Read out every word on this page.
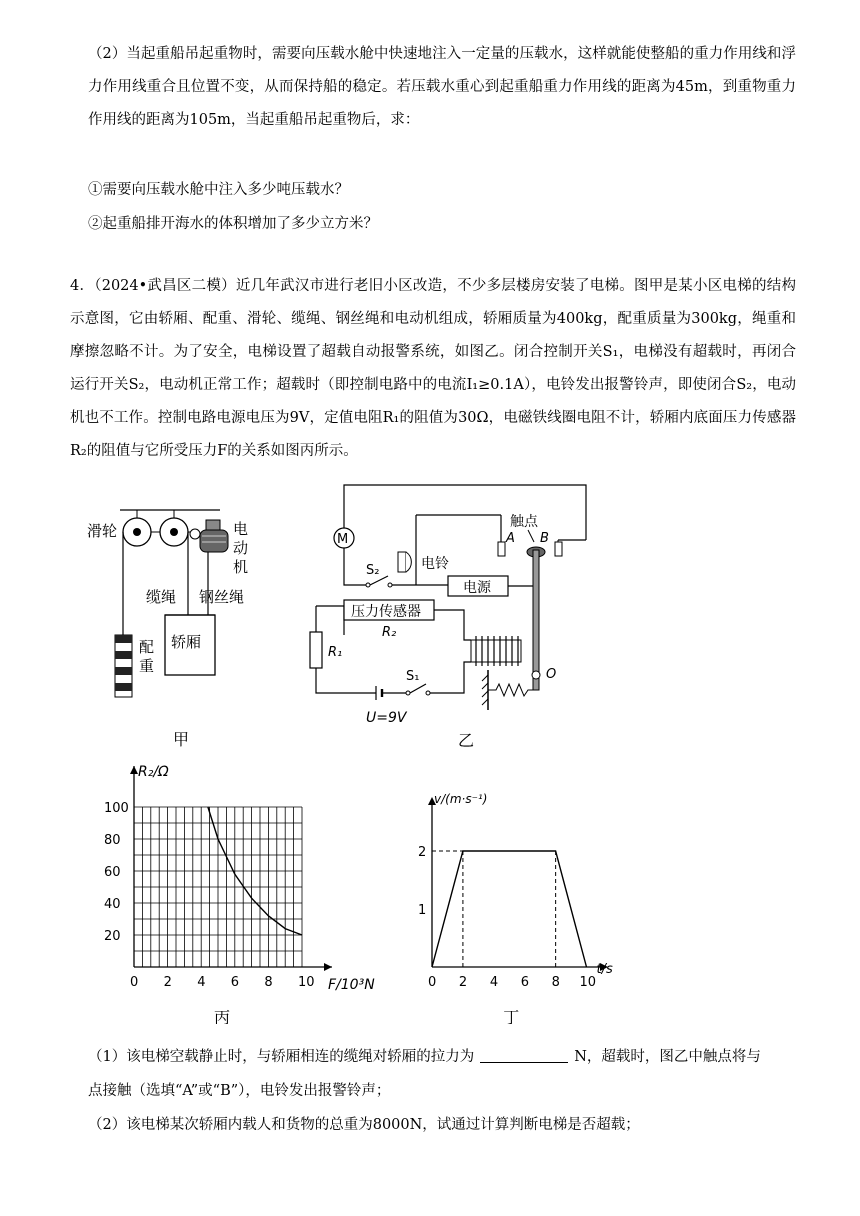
（2）当起重船吊起重物时，需要向压载水舱中快速地注入一定量的压载水，这样就能使整船的重力作用线和浮力作用线重合且位置不变，从而保持船的稳定。若压载水重心到起重船重力作用线的距离为45m，到重物重力作用线的距离为105m，当起重船吊起重物后，求：
①需要向压载水舱中注入多少吨压载水？
②起重船排开海水的体积增加了多少立方米？
4．（2024•武昌区二模）近几年武汉市进行老旧小区改造，不少多层楼房安装了电梯。图甲是某小区电梯的结构示意图，它由轿厢、配重、滑轮、缆绳、钢丝绳和电动机组成，轿厢质量为400kg，配重质量为300kg，绳重和摩擦忽略不计。为了安全，电梯设置了超载自动报警系统，如图乙。闭合控制开关S₁，电梯没有超载时，再闭合运行开关S₂，电动机正常工作；超载时（即控制电路中的电流I₁≥0.1A），电铃发出报警铃声，即使闭合S₂，电动机也不工作。控制电路电源电压为9V，定值电阻R₁的阻值为30Ω，电磁铁线圈电阻不计，轿厢内底面压力传感器R₂的阻值与它所受压力F的关系如图丙所示。
滑轮	电
动
机
缆绳 钢丝绳
轿厢
配
重
甲
M
S₂	电铃
电源
触点
A B
O
压力传感器
R₂
R₁
S₁
U=9V
乙
0 2 4 6 8 10
20
40
60
80
100
R₂/Ω
F/10³N
丙
0 2 4 6 8 10
1
2
v/(m·s⁻¹)
t/s
丁
（1）该电梯空载静止时，与轿厢相连的缆绳对轿厢的拉力为	N，超载时，图乙中触点将与
点接触（选填“A”或“B”），电铃发出报警铃声；
（2）该电梯某次轿厢内载人和货物的总重为8000N，试通过计算判断电梯是否超载；
